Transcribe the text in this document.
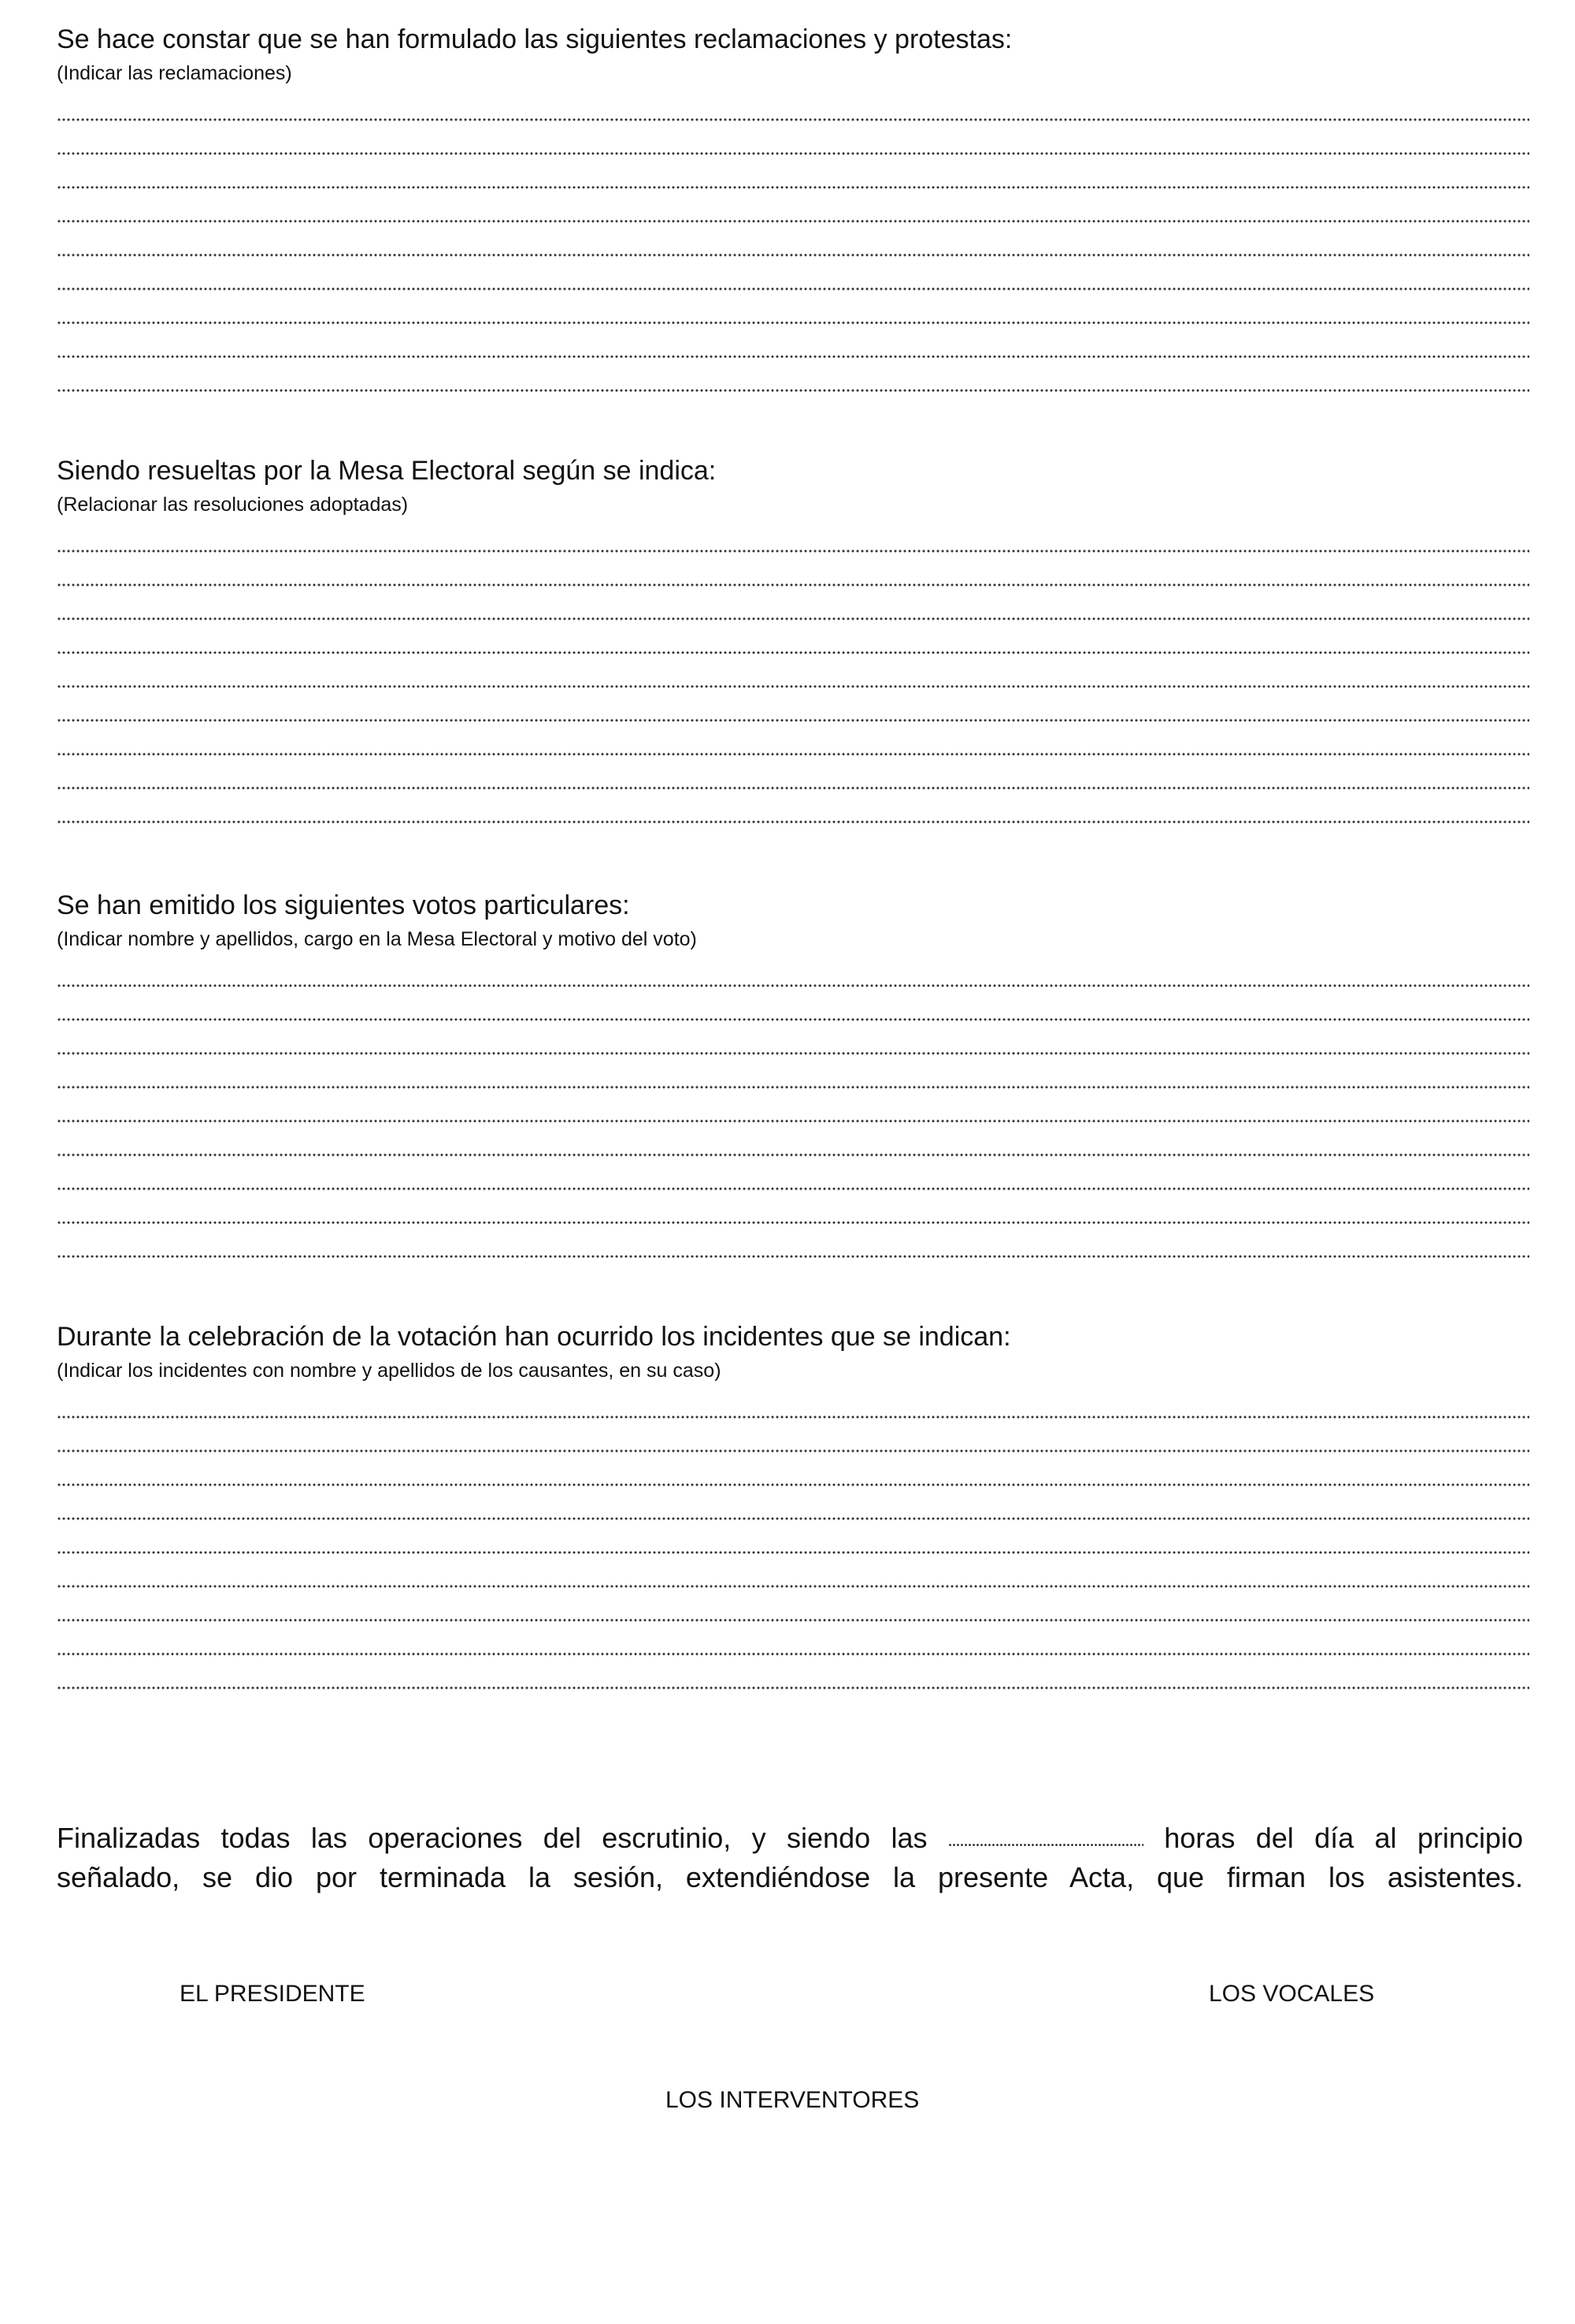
Se hace constar que se han formulado las siguientes reclamaciones y protestas:

(Indicar las reclamaciones)

Siendo resueltas por la Mesa Electoral según se indica:

(Relacionar las resoluciones adoptadas)

Se han emitido los siguientes votos particulares:

(Indicar nombre y apellidos, cargo en la Mesa Electoral y motivo del voto)

Durante la celebración de la votación han ocurrido los incidentes que se indican:

(Indicar los incidentes con nombre y apellidos de los causantes, en su caso)

Finalizadas todas las operaciones del escrutinio, y siendo las	horas del día al principio

señalado, se dio por terminada la sesión, extendiéndose la presente Acta, que firman los asistentes.

EL PRESIDENTE	LOS VOCALES
LOS INTERVENTORES
